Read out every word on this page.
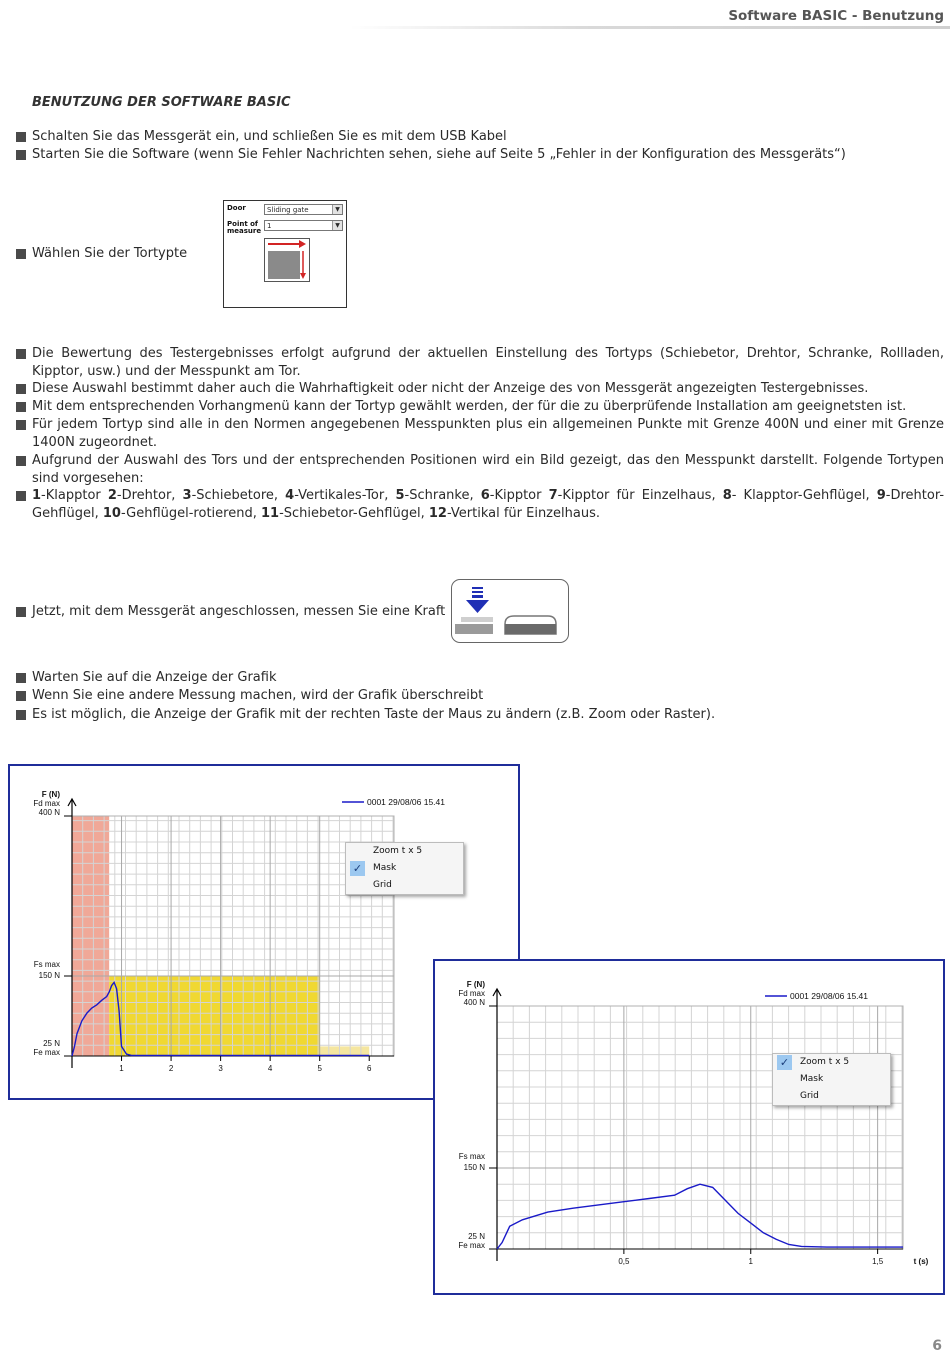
Software BASIC - Benutzung
BENUTZUNG DER SOFTWARE BASIC
Schalten Sie das Messgerät ein, und schließen Sie es mit dem USB Kabel
Starten Sie die Software (wenn Sie Fehler Nachrichten sehen, siehe auf Seite 5 „Fehler in der Konfiguration des Messgeräts“)
Wählen Sie der Tortypte
Door	Sliding gate	▼
Point of
measure
1	▼
Die Bewertung des Testergebnisses erfolgt aufgrund der aktuellen Einstellung des Tortyps (Schiebetor, Drehtor, Schranke, Rollladen, Kipptor, usw.) und der Messpunkt am Tor.
Diese Auswahl bestimmt daher auch die Wahrhaftigkeit oder nicht der Anzeige des von Messgerät angezeigten Testergebnisses.
Mit dem entsprechenden Vorhangmenü kann der Tortyp gewählt werden, der für die zu überprüfende Installation am geeignetsten ist.
Für jedem Tortyp sind alle in den Normen angegebenen Messpunkten plus ein allgemeinen Punkte mit Grenze 400N und einer mit Grenze 1400N zugeordnet.
Aufgrund der Auswahl des Tors und der entsprechenden Positionen wird ein Bild gezeigt, das den Messpunkt darstellt. Folgende Tortypen sind vorgesehen:
1-Klapptor 2-Drehtor, 3-Schiebetore, 4-Vertikales-Tor, 5-Schranke, 6-Kipptor 7-Kipptor für Einzelhaus, 8- Klapptor-Gehflügel, 9-Drehtor-Gehflügel, 10-Gehflügel-rotierend, 11-Schiebetor-Gehflügel, 12-Vertikal für Einzelhaus.
Jetzt, mit dem Messgerät angeschlossen, messen Sie eine Kraft
Warten Sie auf die Anzeige der Grafik
Wenn Sie eine andere Messung machen, wird der Grafik überschreibt
Es ist möglich, die Anzeige der Grafik mit der rechten Taste der Maus zu ändern (z.B. Zoom oder Raster).
F (N)
Fd max
400 N
Fs max
150 N
25 N
Fe max
1	2	3	4	5	6
0001 29/08/06 15.41
Zoom t x 5
✓	Mask
Grid
F (N)
Fd max
400 N
Fs max
150 N
25 N
Fe max
0,5	1	1,5	t (s)
0001 29/08/06 15.41
✓	Zoom t x 5
Mask
Grid
6
